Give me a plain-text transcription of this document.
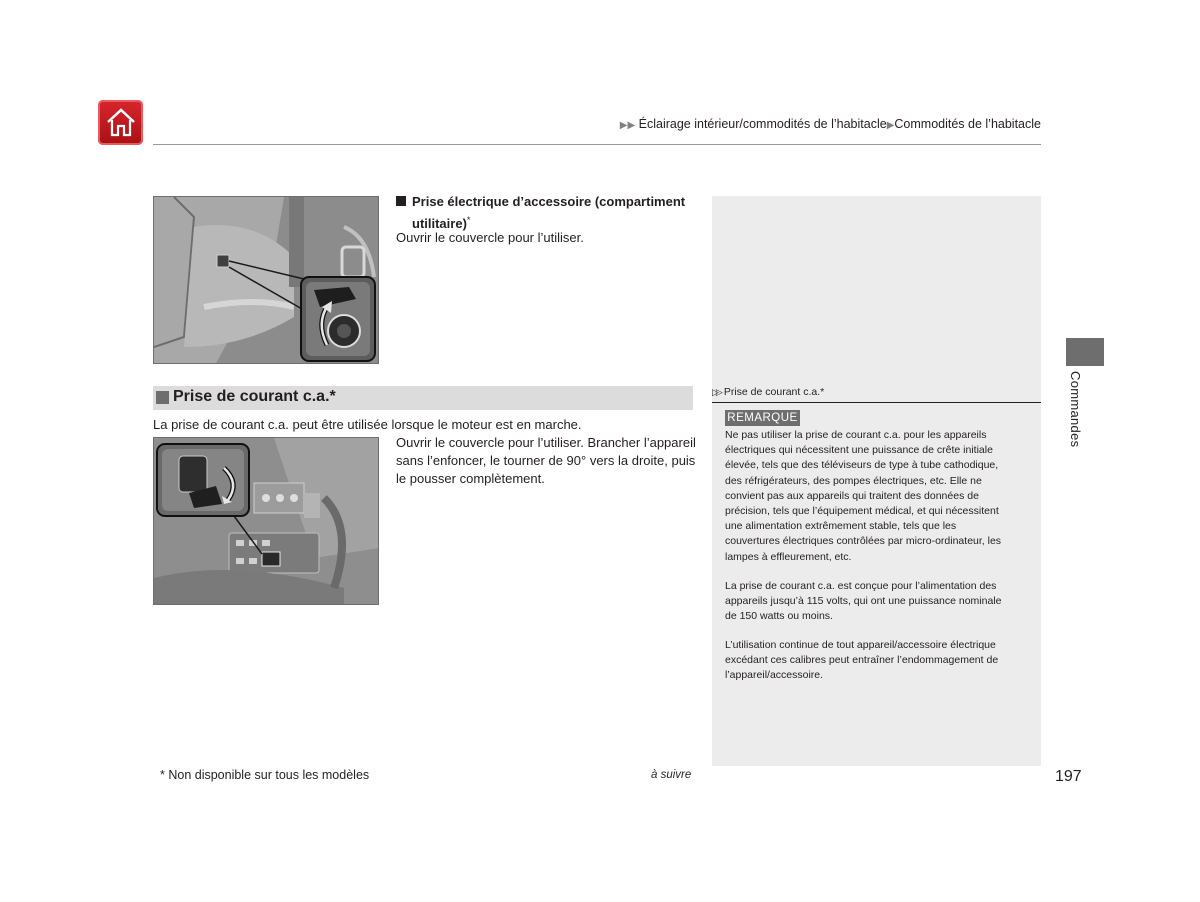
▶▶ Éclairage intérieur/commodités de l’habitacle▶Commodités de l’habitacle
Prise électrique d’accessoire (compartiment
utilitaire)*
Ouvrir le couvercle pour l’utiliser.
Prise de courant c.a.*
La prise de courant c.a. peut être utilisée lorsque le moteur est en marche.
Ouvrir le couvercle pour l’utiliser. Brancher l’appareil
sans l’enfoncer, le tourner de 90° vers la droite, puis
le pousser complètement.
▷▷ Prise de courant c.a.*
REMARQUE
Ne pas utiliser la prise de courant c.a. pour les appareils
électriques qui nécessitent une puissance de crête initiale
élevée, tels que des téléviseurs de type à tube cathodique,
des réfrigérateurs, des pompes électriques, etc. Elle ne
convient pas aux appareils qui traitent des données de
précision, tels que l’équipement médical, et qui nécessitent
une alimentation extrêmement stable, tels que les
couvertures électriques contrôlées par micro-ordinateur, les
lampes à effleurement, etc.
La prise de courant c.a. est conçue pour l’alimentation des
appareils jusqu’à 115 volts, qui ont une puissance nominale
de 150 watts ou moins.
L’utilisation continue de tout appareil/accessoire électrique
excédant ces calibres peut entraîner l’endommagement de
l’appareil/accessoire.
Commandes
* Non disponible sur tous les modèles	à suivre	197
